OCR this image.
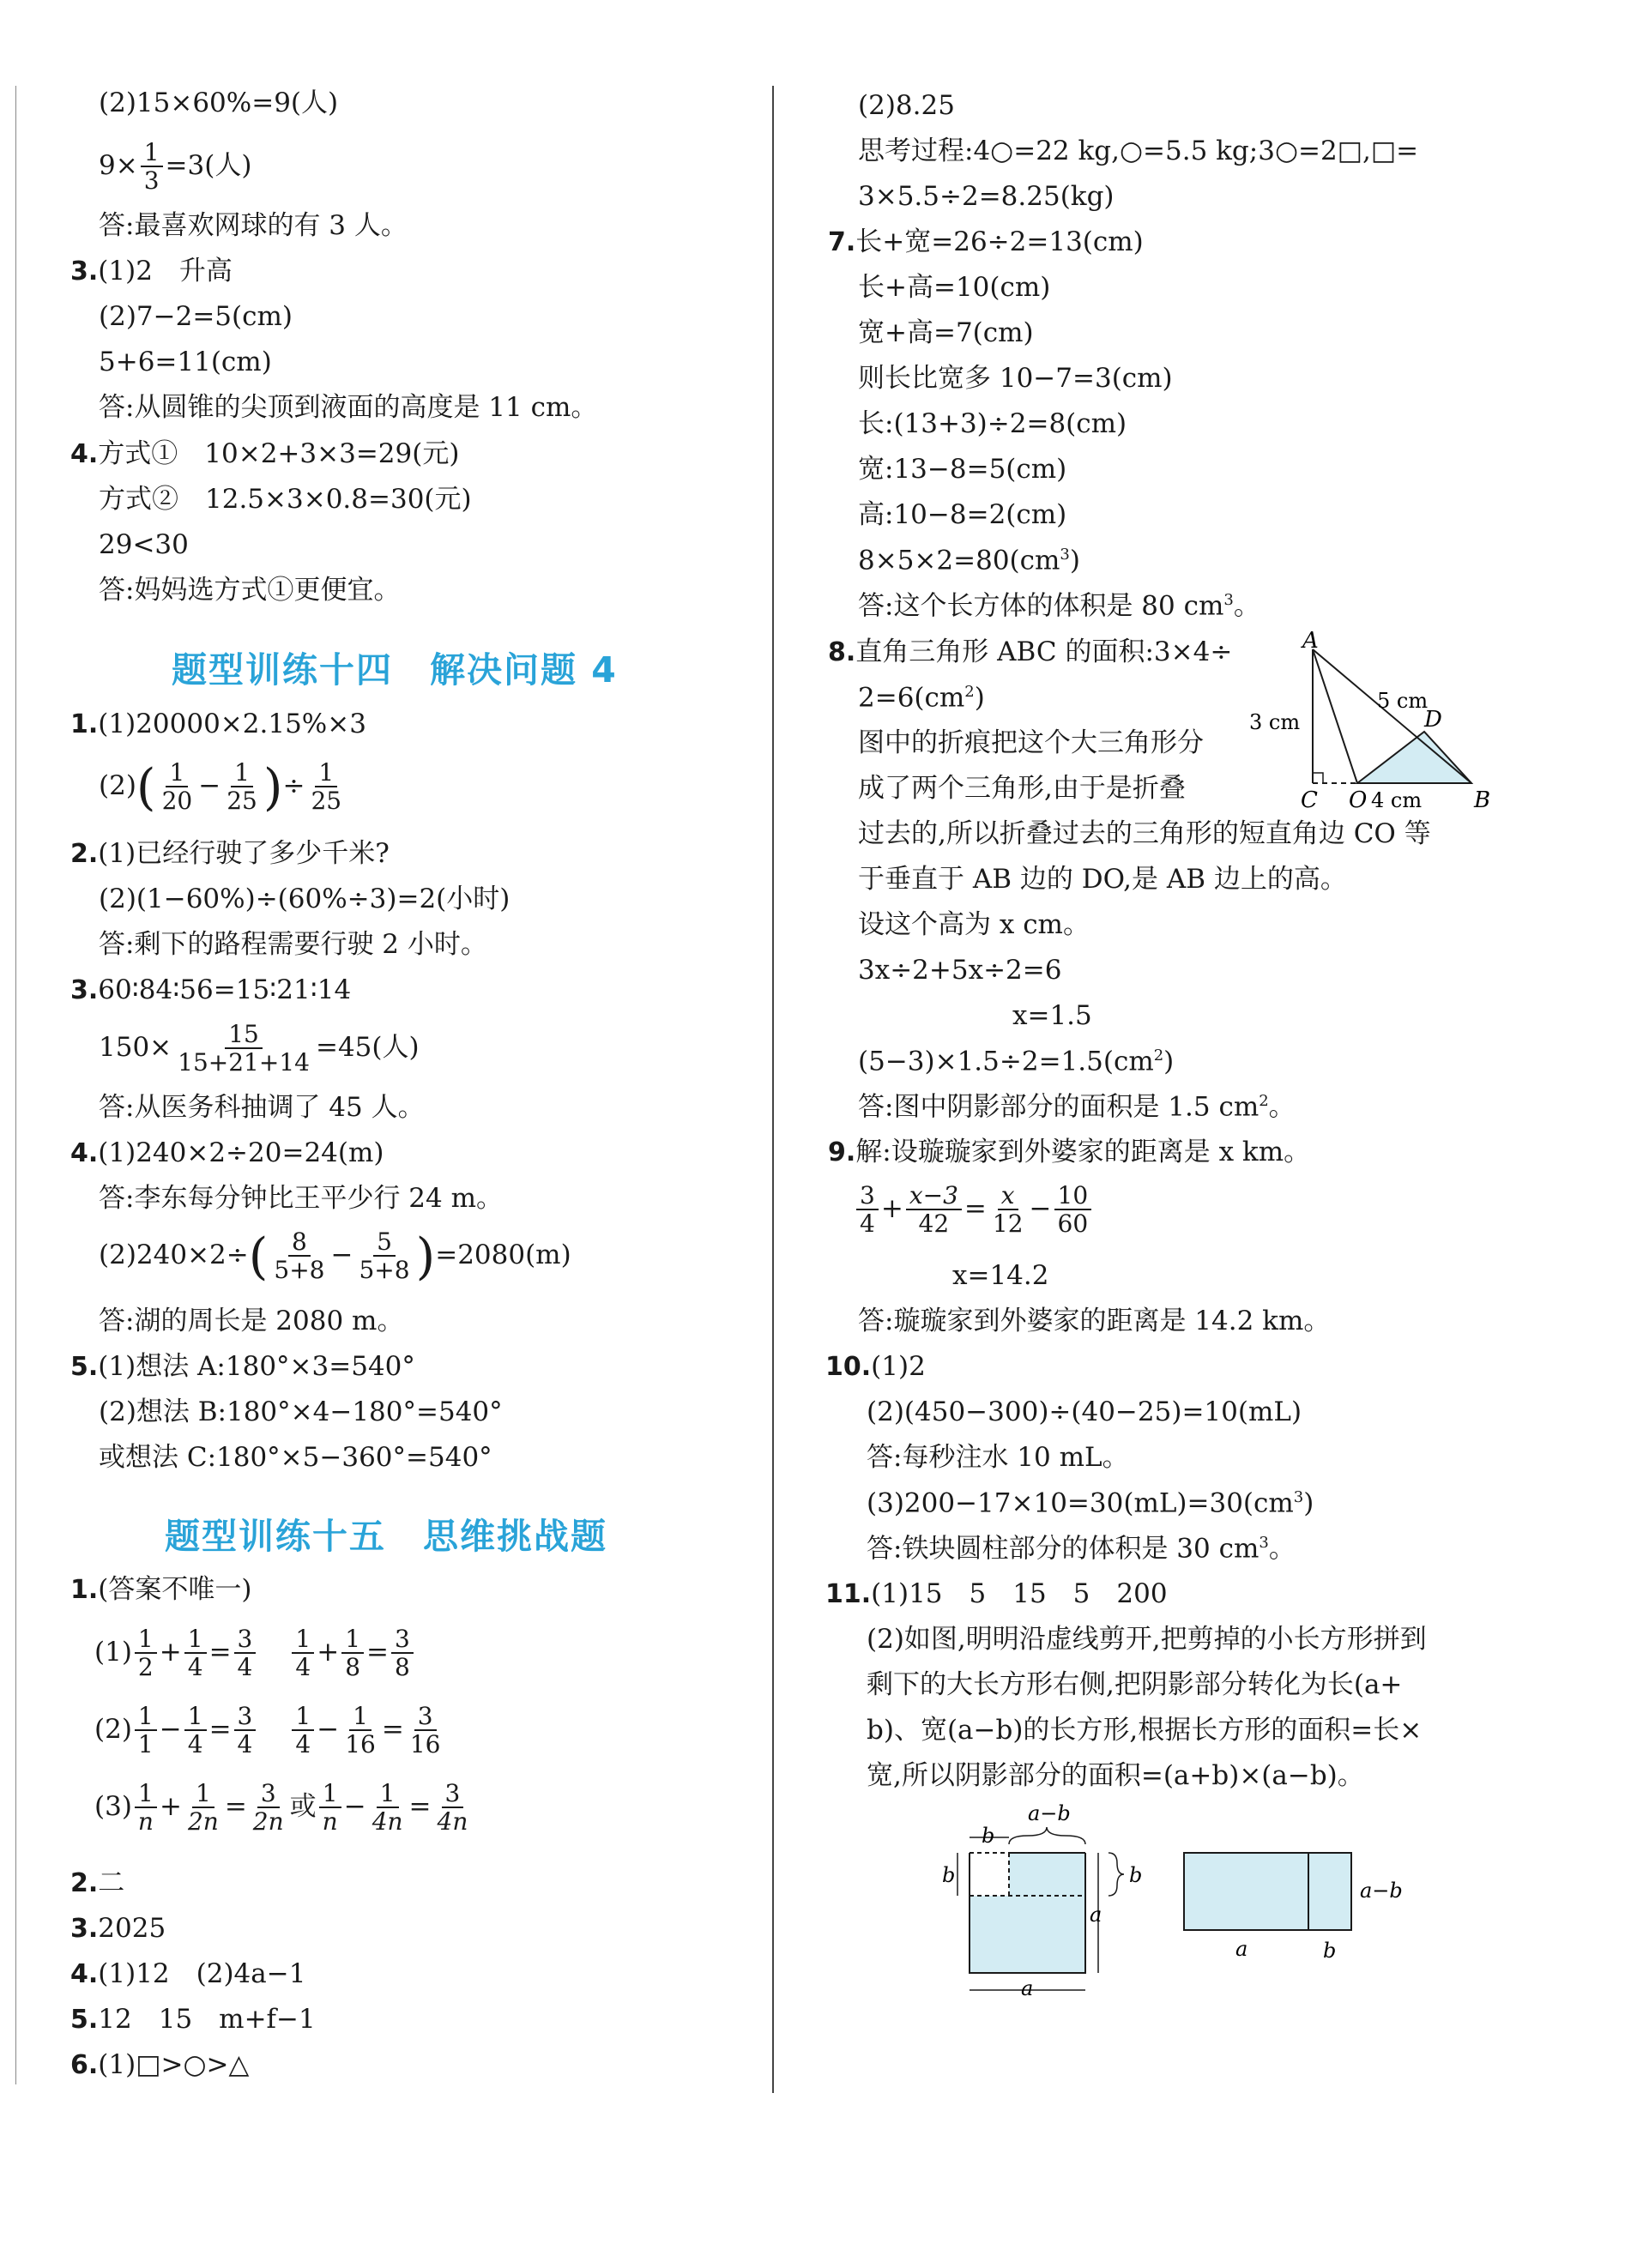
(2)15×60%=9(人)
$9\times \frac{1}{3} =3$(人)
答:最喜欢网球的有 3 人。
3.(1)2　升高
(2)7−2=5(cm)
5+6=11(cm)
答:从圆锥的尖顶到液面的高度是 11 cm。
4.方式①　10×2+3×3=29(元)
方式②　12.5×3×0.8=30(元)
29<30
答:妈妈选方式①更便宜。
题型训练十四　解决问题 4
1.(1)20000×2.15%×3
$(2)( \frac{1}{20} - \frac{1}{25}$ )÷ $\frac{1}{25}$
2.(1)已经行驶了多少千米?
(2)(1−60%)÷(60%÷3)=2(小时)
答:剩下的路程需要行驶 2 小时。
3.60∶84∶56=15∶21∶14
$150\times \frac{15}{15+21+14} =45$(人)
答:从医务科抽调了 45 人。
4.(1)240×2÷20=24(m)
答:李东每分钟比王平少行 24 m。
$(2)240\times 2\div( \frac{8}{5+8} - \frac{5}{5+8} )=2080(m)$
答:湖的周长是 2080 m。
5.(1)想法 A:180°×3=540°
(2)想法 B:180°×4−180°=540°
或想法 C:180°×5−360°=540°
题型训练十五　思维挑战题
1.(答案不唯一)
$(1) \frac{1}{2} + \frac{1}{4} = \frac{3}{4} \frac{1}{4} + \frac{1}{8} = \frac{3}{8}$
$(2) \frac{1}{1} - \frac{1}{4} = \frac{3}{4} \frac{1}{4} - \frac{1}{16} = \frac{3}{16}$
$(3) \frac{1}{n} + \frac{1}{2n} = \frac{3}{2n}$ 或 $\frac{1}{n} - \frac{1}{4n} = \frac{3}{4n}$
2.二
3.2025
4.(1)12　(2)4a−1
5.12　15　m+f−1
6.(1)□>○>△
(2)8.25
思考过程:4○=22 kg,○=5.5 kg;3○=2□,□=
3×5.5÷2=8.25(kg)
7.长+宽=26÷2=13(cm)
长+高=10(cm)
宽+高=7(cm)
则长比宽多 10−7=3(cm)
长:(13+3)÷2=8(cm)
宽:13−8=5(cm)
高:10−8=2(cm)
$8\times 5\times 2=80(cm^3)$
答:这个长方体的体积是 80 $cm^3$。
8.直角三角形 ABC 的面积:3×4÷
$2=6(cm^2)$
图中的折痕把这个大三角形分
成了两个三角形,由于是折叠
过去的,所以折叠过去的三角形的短直角边 CO 等
于垂直于 AB 边的 DO,是 AB 边上的高。
设这个高为 x cm。
3x÷2+5x÷2=6
x=1.5
$(5-3)\times 1.5\div 2=1.5(cm^2)$
答:图中阴影部分的面积是 1.5 $cm^2$。
A
B
C
D
O
3 cm
5 cm
4 cm
9.解:设璇璇家到外婆家的距离是 x km。
$\frac{3}{4} + \frac{x-3}{42} = \frac{x}{12} - \frac{10}{60}$
x=14.2
答:璇璇家到外婆家的距离是 14.2 km。
10.(1)2
(2)(450−300)÷(40−25)=10(mL)
答:每秒注水 10 mL。
$(3)200-17\times 10=30(mL)=30(cm^3)$
答:铁块圆柱部分的体积是 30 $cm^3$。
11.(1)15　5　15　5　200
(2)如图,明明沿虚线剪开,把剪掉的小长方形拼到
剩下的大长方形右侧,把阴影部分转化为长(a+
b)、宽(a−b)的长方形,根据长方形的面积=长×
宽,所以阴影部分的面积=(a+b)×(a−b)。
b
a−b
b
a
b
a
a−b
a	b
